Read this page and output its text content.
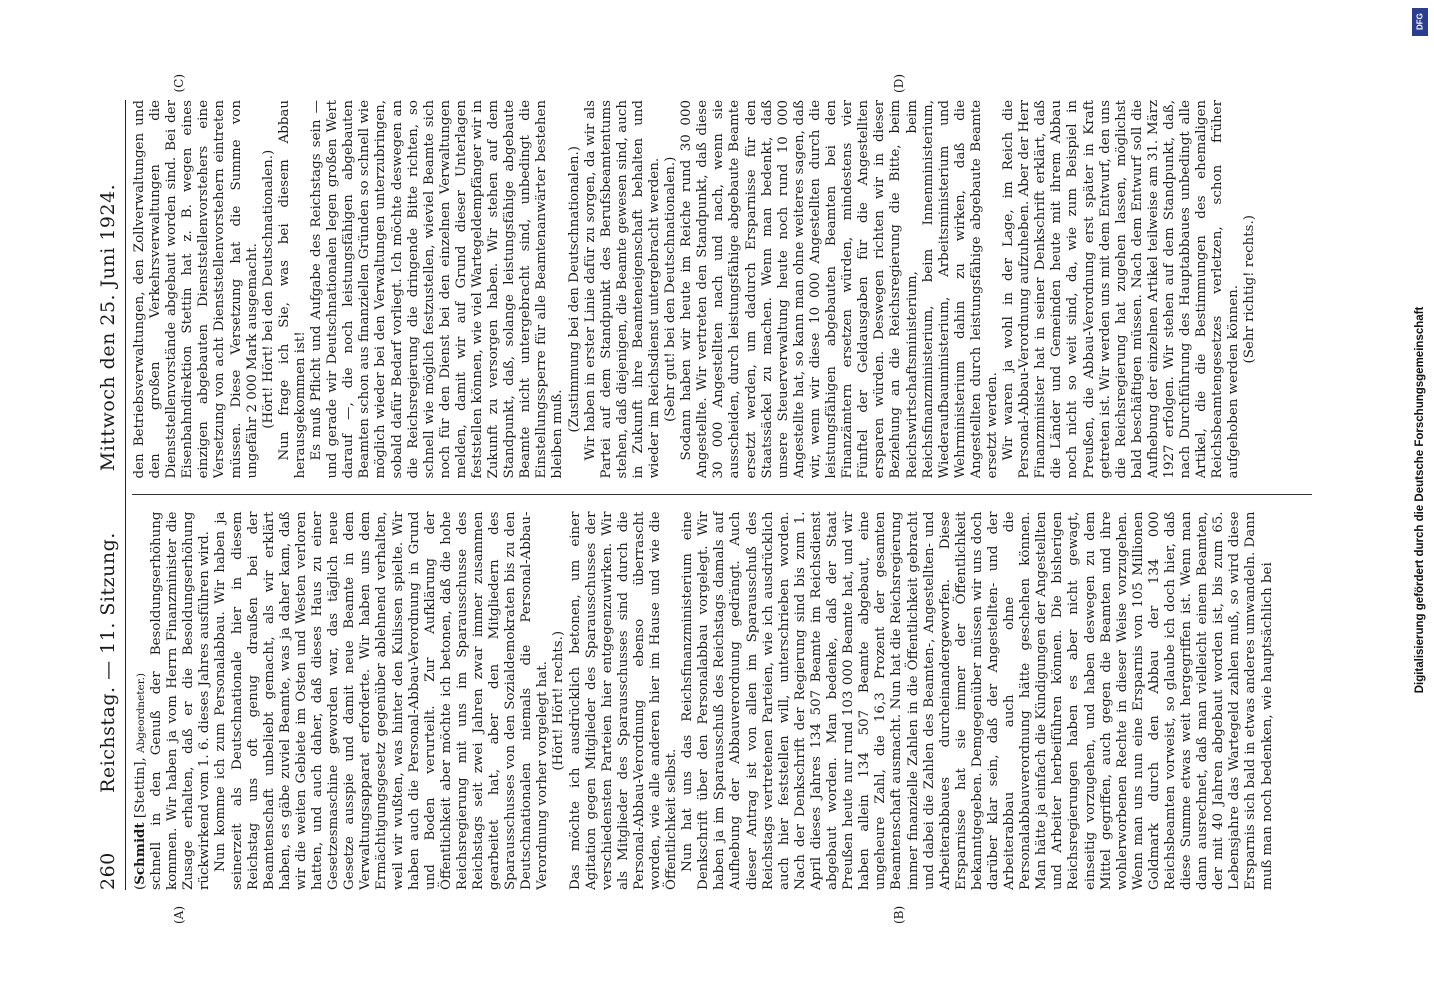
260
Reichstag. — 11. Sitzung.
Mittwoch den 25. Juni 1924.
(A)	(B)

(Schmidt [Stettin], Abgeordneter.) schnell in den Genuß der Besoldungserhöhung kommen. Wir haben ja vom Herrn Finanzminister die Zusage erhalten, daß er die Besoldungserhöhung rückwirkend vom 1. 6. dieses Jahres ausführen wird. Nun komme ich zum Personalabbau. Wir haben ja seinerzeit als Deutschnationale hier in diesem Reichstag uns oft genug draußen bei der Beamtenschaft unbeliebt gemacht, als wir erklärt haben, es gäbe zuviel Beamte, was ja daher kam, daß wir die weiten Gebiete im Osten und Westen verloren hatten, und auch daher, daß dieses Haus zu einer Gesetzesmaschine geworden war, das täglich neue Gesetze ausspie und damit neue Beamte in dem Verwaltungsapparat erforderte. Wir haben uns dem Ermächtigungsgesetz gegenüber ablehnend verhalten, weil wir wußten, was hinter den Kulissen spielte. Wir haben auch die Personal-Abbau-Verordnung in Grund und Boden verurteilt. Zur Aufklärung der Öffentlichkeit aber möchte ich betonen, daß die hohe Reichsregierung mit uns im Sparausschusse des Reichstags seit zwei Jahren zwar immer zusammen gearbeitet hat, aber den Mitgliedern des Sparausschusses von den Sozialdemokraten bis zu den Deutschnationalen niemals die Personal-Abbau-Verordnung vorher vorgelegt hat. (Hört! Hört! rechts.) Das möchte ich ausdrücklich betonen, um einer Agitation gegen Mitglieder des Sparausschusses der verschiedensten Parteien hier entgegenzuwirken. Wir als Mitglieder des Sparausschusses sind durch die Personal-Abbau-Verordnung ebenso überrascht worden, wie alle anderen hier im Hause und wie die Öffentlichkeit selbst. Nun hat uns das Reichsfinanzministerium eine Denkschrift über den Personalabbau vorgelegt. Wir haben ja im Sparausschuß des Reichstags damals auf Aufhebung der Abbauverordnung gedrängt. Auch dieser Antrag ist von allen im Sparausschuß des Reichstags vertretenen Parteien, wie ich ausdrücklich auch hier feststellen will, unterschrieben worden. Nach der Denkschrift der Regierung sind bis zum 1. April dieses Jahres 134 507 Beamte im Reichsdienst abgebaut worden. Man bedenke, daß der Staat Preußen heute nur rund 103 000 Beamte hat, und wir haben allein 134 507 Beamte abgebaut, eine ungeheure Zahl, die 16,3 Prozent der gesamten Beamtenschaft ausmacht. Nun hat die Reichsregierung immer finanzielle Zahlen in die Öffentlichkeit gebracht und dabei die Zahlen des Beamten-, Angestellten- und Arbeiterabbaues durcheinandergeworfen. Diese Ersparnisse hat sie immer der Öffentlichkeit bekanntgegeben. Demgegenüber müssen wir uns doch darüber klar sein, daß der Angestellten- und der Arbeiterabbau auch ohne die Personalabbauverordnung hätte geschehen können. Man hätte ja einfach die Kündigungen der Angestellten und Arbeiter herbeiführen können. Die bisherigen Reichsregierungen haben es aber nicht gewagt, einseitig vorzugehen, und haben deswegen zu dem Mittel gegriffen, auch gegen die Beamten und ihre wohlerworbenen Rechte in dieser Weise vorzugehen. Wenn man uns nun eine Ersparnis von 105 Millionen Goldmark durch den Abbau der 134 000 Reichsbeamten vorweist, so glaube ich doch hier, daß diese Summe etwas weit hergegriffen ist. Wenn man dann ausrechnet, daß man vielleicht einem Beamten, der mit 40 Jahren abgebaut worden ist, bis zum 65. Lebensjahre das Wartegeld zahlen muß, so wird diese Ersparnis sich bald in etwas anderes umwandeln. Dann muß man noch bedenken, wie hauptsächlich bei

den Betriebsverwaltungen, den Zollverwaltungen und den großen Verkehrsverwaltungen die Dienststellenvorstände abgebaut worden sind. Bei der Eisenbahndirektion Stettin hat z. B. wegen eines einzigen abgebauten Dienststellenvorstehers eine Versetzung von acht Dienststellenvorstehern eintreten müssen. Diese Versetzung hat die Summe von ungefähr 2 000 Mark ausgemacht. (Hört! Hört! bei den Deutschnationalen.) Nun frage ich Sie, was bei diesem Abbau herausgekommen ist! Es muß Pflicht und Aufgabe des Reichstags sein — und gerade wir Deutschnationalen legen großen Wert darauf —, die noch leistungsfähigen abgebauten Beamten schon aus finanziellen Gründen so schnell wie möglich wieder bei den Verwaltungen unterzubringen, sobald dafür Bedarf vorliegt. Ich möchte deswegen an die Reichsregierung die dringende Bitte richten, so schnell wie möglich festzustellen, wieviel Beamte sich noch für den Dienst bei den einzelnen Verwaltungen melden, damit wir auf Grund dieser Unterlagen feststellen können, wie viel Wartegeldempfänger wir in Zukunft zu versorgen haben. Wir stehen auf dem Standpunkt, daß, solange leistungsfähige abgebaute Beamte nicht untergebracht sind, unbedingt die Einstellungssperre für alle Beamtenanwärter bestehen bleiben muß.

(Zustimmung bei den Deutschnationalen.) Wir haben in erster Linie dafür zu sorgen, da wir als Partei auf dem Standpunkt des Berufsbeamtentums stehen, daß diejenigen, die Beamte gewesen sind, auch in Zukunft ihre Beamteneigenschaft behalten und wieder im Reichsdienst untergebracht werden. (Sehr gut! bei den Deutschnationalen.) Sodann haben wir heute im Reiche rund 30 000 Angestellte. Wir vertreten den Standpunkt, daß diese 30 000 Angestellten nach und nach, wenn sie ausscheiden, durch leistungsfähige abgebaute Beamte ersetzt werden, um dadurch Ersparnisse für den Staatssäckel zu machen. Wenn man bedenkt, daß unsere Steuerverwaltung heute noch rund 10 000 Angestellte hat, so kann man ohne weiteres sagen, daß wir, wenn wir diese 10 000 Angestellten durch die leistungsfähigen abgebauten Beamten bei den Finanzämtern ersetzen würden, mindestens vier Fünftel der Geldausgaben für die Angestellten ersparen würden. Deswegen richten wir in dieser Beziehung an die Reichsregierung die Bitte, beim Reichswirtschaftsministerium, beim Reichsfinanzministerium, beim Innenministerium, Wiederaufbauministerium, Arbeitsministerium und Wehrministerium dahin zu wirken, daß die Angestellten durch leistungsfähige abgebaute Beamte ersetzt werden. Wir waren ja wohl in der Lage, im Reich die Personal-Abbau-Verordnung aufzuheben. Aber der Herr Finanzminister hat in seiner Denkschrift erklärt, daß die Länder und Gemeinden heute mit ihrem Abbau noch nicht so weit sind, da, wie zum Beispiel in Preußen, die Abbau-Verordnung erst später in Kraft getreten ist. Wir werden uns mit dem Entwurf, den uns die Reichsregierung hat zugehen lassen, möglichst bald beschäftigen müssen. Nach dem Entwurf soll die Aufhebung der einzelnen Artikel teilweise am 31. März 1927 erfolgen. Wir stehen auf dem Standpunkt, daß, nach Durchführung des Hauptabbaues unbedingt alle Artikel, die die Bestimmungen des ehemaligen Reichsbeamtengesetzes verletzen, schon früher aufgehoben werden können. (Sehr richtig! rechts.)

(C)	(D)
DFG
Digitalisierung gefördert durch die Deutsche Forschungsgemeinschaft
